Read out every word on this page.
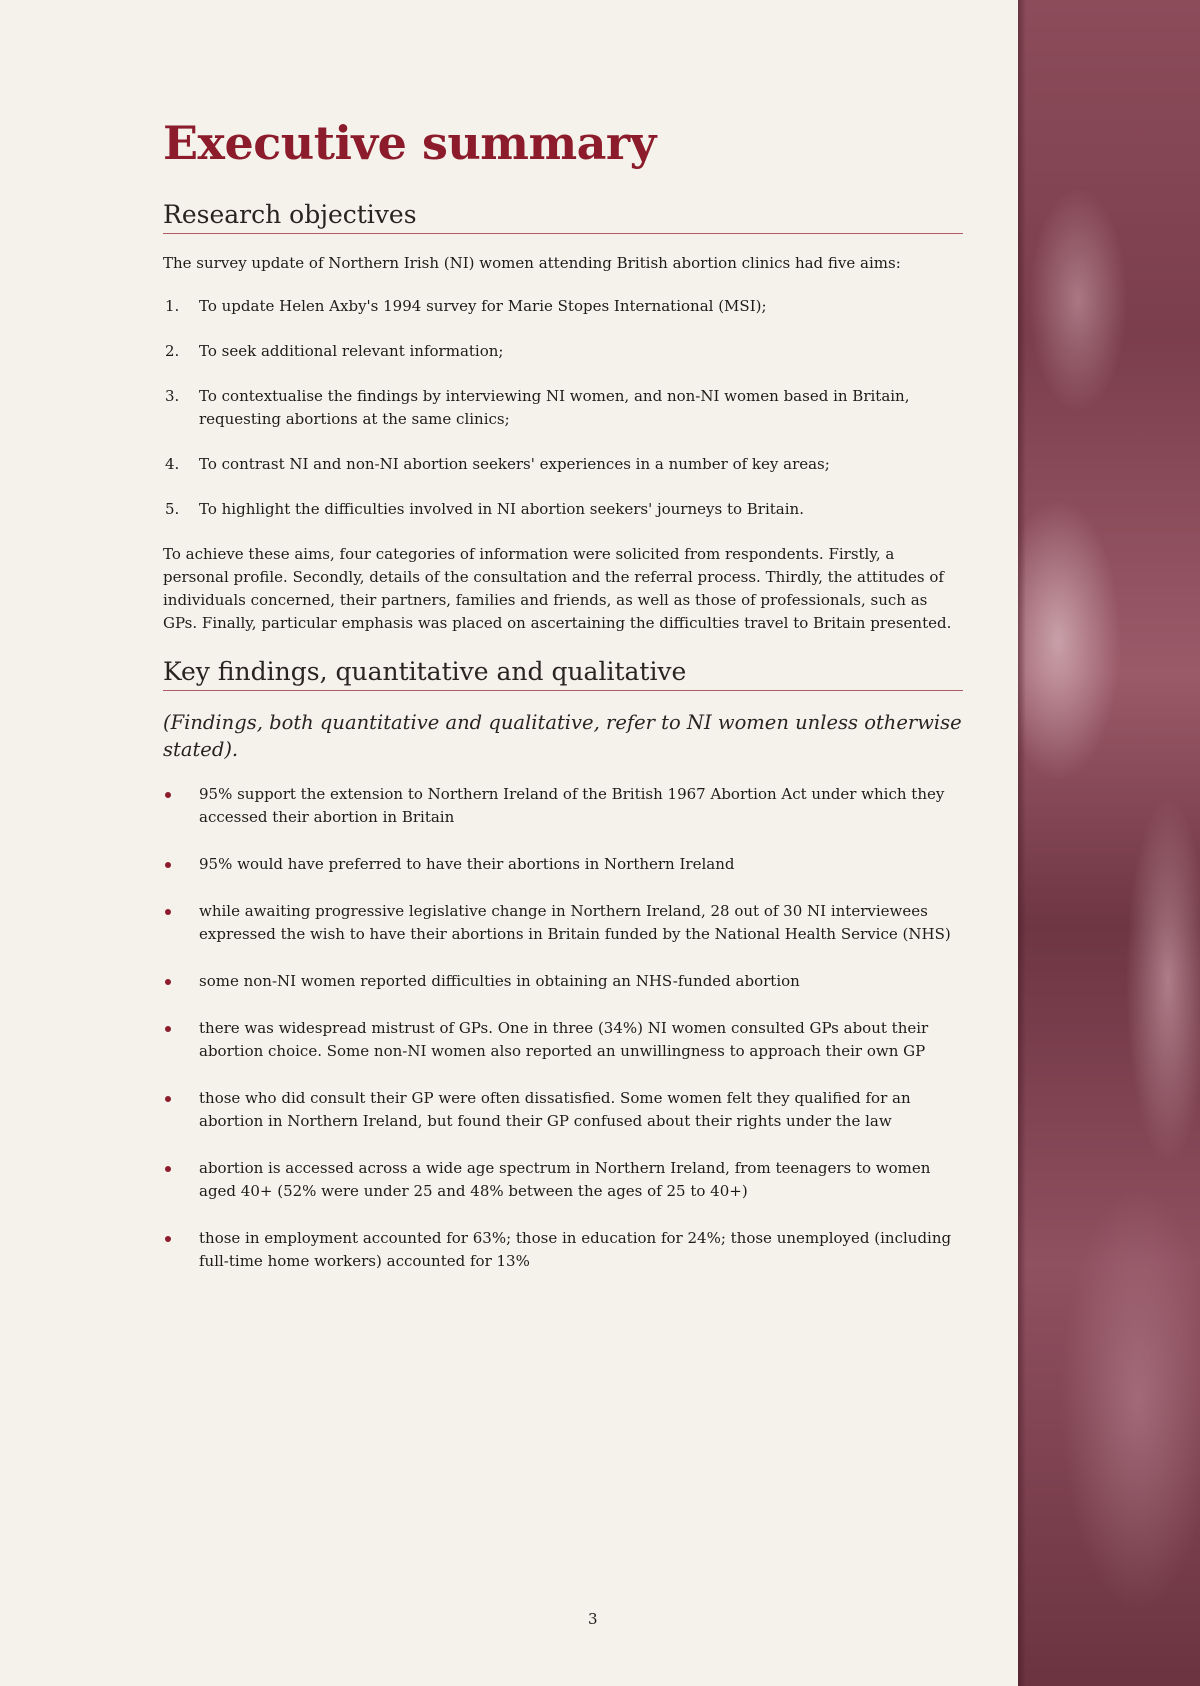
Executive summary
Research objectives

The survey update of Northern Irish (NI) women attending British abortion clinics had five aims:

1. To update Helen Axby's 1994 survey for Marie Stopes International (MSI);
2. To seek additional relevant information;
3. To contextualise the findings by interviewing NI women, and non-NI women based in Britain, requesting abortions at the same clinics;
4. To contrast NI and non-NI abortion seekers' experiences in a number of key areas;
5. To highlight the difficulties involved in NI abortion seekers' journeys to Britain.

To achieve these aims, four categories of information were solicited from respondents. Firstly, a personal profile. Secondly, details of the consultation and the referral process. Thirdly, the attitudes of individuals concerned, their partners, families and friends, as well as those of professionals, such as GPs. Finally, particular emphasis was placed on ascertaining the difficulties travel to Britain presented.

Key findings, quantitative and qualitative

(Findings, both quantitative and qualitative, refer to NI women unless otherwise stated).

95% support the extension to Northern Ireland of the British 1967 Abortion Act under which they accessed their abortion in Britain
95% would have preferred to have their abortions in Northern Ireland
while awaiting progressive legislative change in Northern Ireland, 28 out of 30 NI interviewees expressed the wish to have their abortions in Britain funded by the National Health Service (NHS)
some non-NI women reported difficulties in obtaining an NHS-funded abortion
there was widespread mistrust of GPs. One in three (34%) NI women consulted GPs about their abortion choice. Some non-NI women also reported an unwillingness to approach their own GP
those who did consult their GP were often dissatisfied. Some women felt they qualified for an abortion in Northern Ireland, but found their GP confused about their rights under the law
abortion is accessed across a wide age spectrum in Northern Ireland, from teenagers to women aged 40+ (52% were under 25 and 48% between the ages of 25 to 40+)
those in employment accounted for 63%; those in education for 24%; those unemployed (including full-time home workers) accounted for 13%
3
